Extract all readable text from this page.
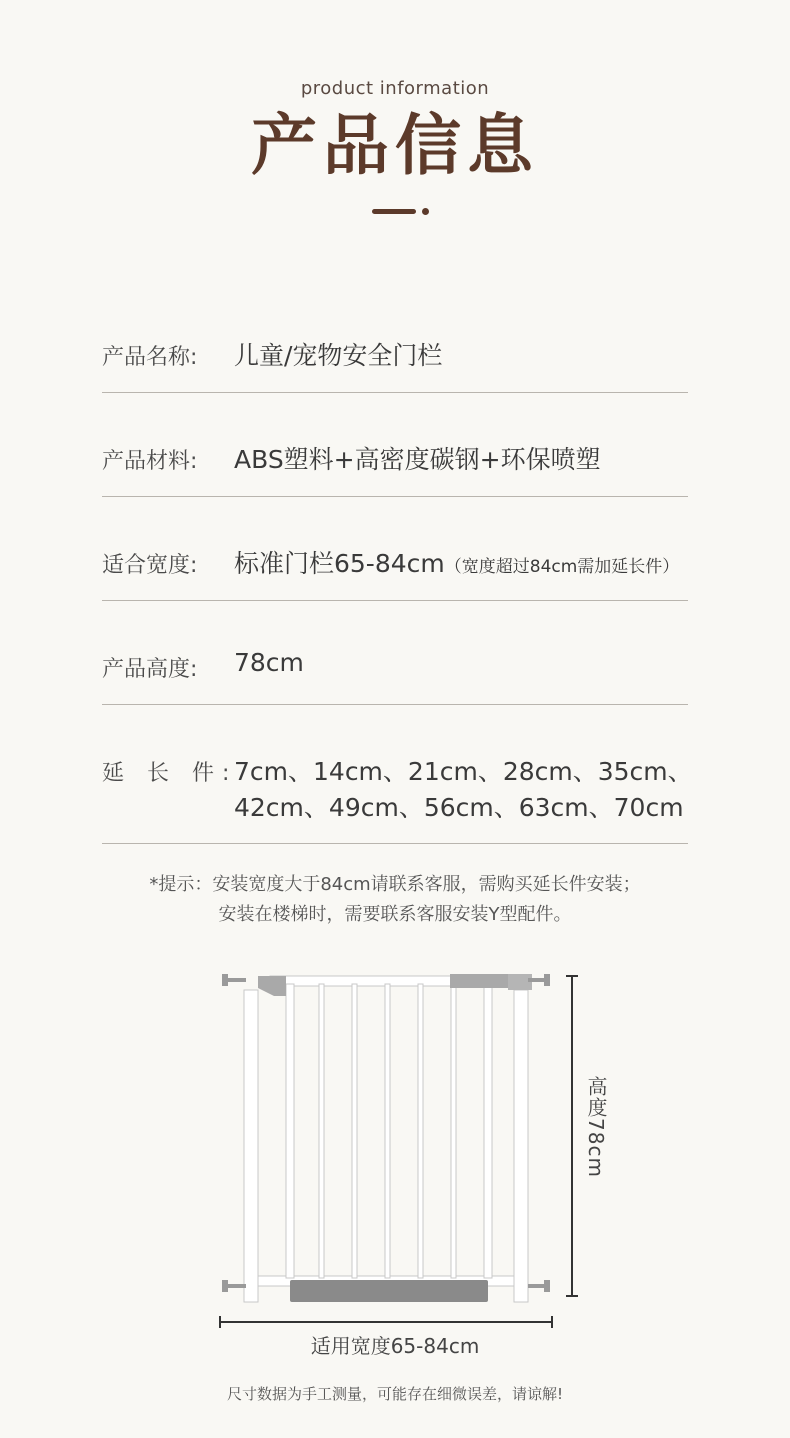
product information
产品信息
产品名称: 儿童/宠物安全门栏
产品材料: ABS塑料+高密度碳钢+环保喷塑
适合宽度: 标准门栏65-84cm（宽度超过84cm需加延长件）
产品高度: 78cm
延 长 件:
7cm、14cm、21cm、28cm、35cm、
42cm、49cm、56cm、63cm、70cm
*提示：安装宽度大于84cm请联系客服，需购买延长件安装；
安装在楼梯时，需要联系客服安装Y型配件。
高度78cm
适用宽度65-84cm
尺寸数据为手工测量，可能存在细微误差，请谅解!
